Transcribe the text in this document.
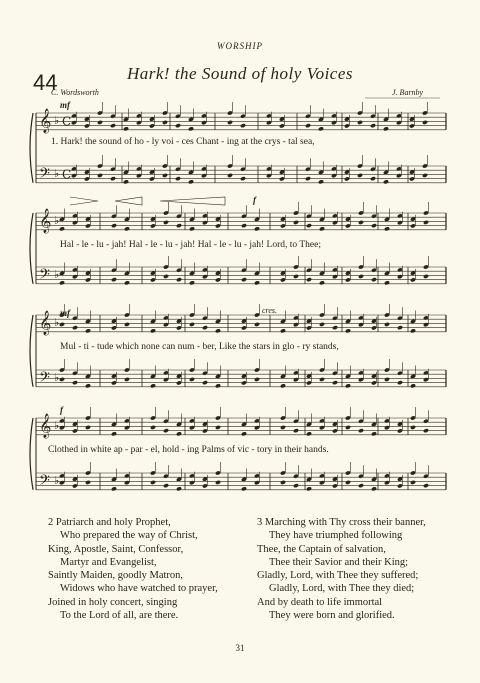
WORSHIP
44	Hark! the Sound of holy Voices
C. Wordsworth	J. Barnby
𝄞 ♭ C
𝄢 ♭ C
𝄞 ♭
𝄢 ♭
𝄞 ♭
𝄢 ♭
𝄞 ♭
𝄢 ♭
mf
f
mf	cres.
f
1. Hark! the sound of ho - ly voi - ces Chant - ing at the crys - tal sea,
Hal - le - lu - jah! Hal - le - lu - jah! Hal - le - lu - jah! Lord, to Thee;
Mul - ti - tude which none can num - ber, Like the stars in glo - ry stands,
Clothed in white ap - par - el, hold - ing Palms of vic - tory in their hands.
2 Patriarch and holy Prophet,
Who prepared the way of Christ,
King, Apostle, Saint, Confessor,
Martyr and Evangelist,
Saintly Maiden, goodly Matron,
Widows who have watched to prayer,
Joined in holy concert, singing
To the Lord of all, are there.
3 Marching with Thy cross their banner,
They have triumphed following
Thee, the Captain of salvation,
Thee their Savior and their King;
Gladly, Lord, with Thee they suffered;
Gladly, Lord, with Thee they died;
And by death to life immortal
They were born and glorified.
31
